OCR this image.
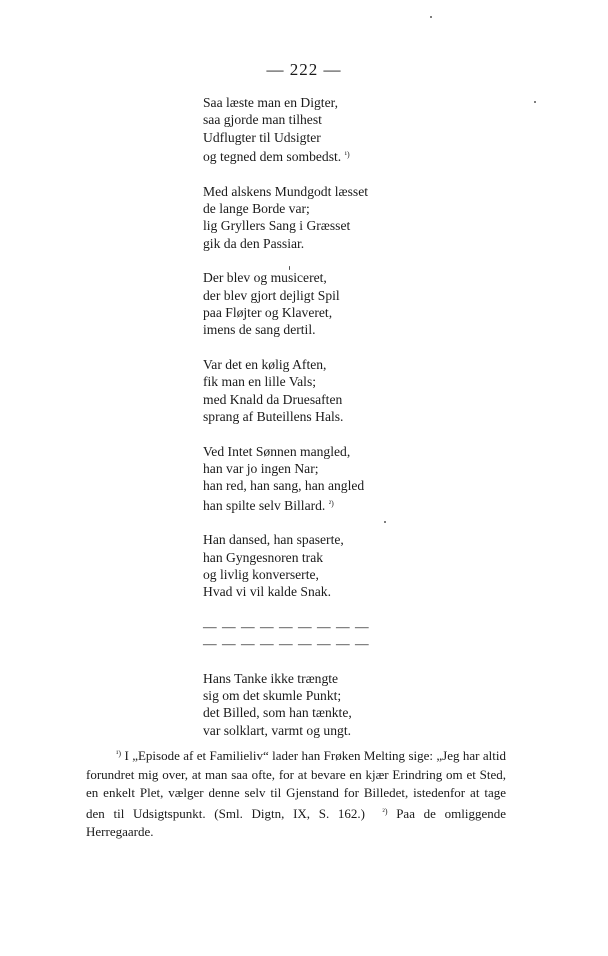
— 222 —
Saa læste man en Digter,
saa gjorde man tilhest
Udflugter til Udsigter
og tegned dem sombedst. $^{^1)}$
Med alskens Mundgodt læsset
de lange Borde var;
lig Gryllers Sang i Græsset
gik da den Passiar.
Der blev og musiceret,
der blev gjort dejligt Spil
paa Fløjter og Klaveret,
imens de sang dertil.
Var det en kølig Aften,
fik man en lille Vals;
med Knald da Druesaften
sprang af Buteillens Hals.
Ved Intet Sønnen mangled,
han var jo ingen Nar;
han red, han sang, han angled
han spilte selv Billard. $^{^2)}$
Han dansed, han spaserte,
han Gyngesnoren trak
og livlig konverserte,
Hvad vi vil kalde Snak.
— — — — — — — — —
— — — — — — — — —
Hans Tanke ikke trængte
sig om det skumle Punkt;
det Billed, som han tænkte,
var solklart, varmt og ungt.
$^{^1)}$ I „Episode af et Familieliv“ lader han Frøken Melting sige: „Jeg har altid forundret mig over, at man saa ofte, for at bevare en kjær Erindring om et Sted, en enkelt Plet, vælger denne selv til Gjenstand for Billedet, istedenfor at tage den til Udsigtspunkt. (Sml. Digtn, IX, S. 162.) $^{^2)}$ Paa de omliggende Herregaarde.
